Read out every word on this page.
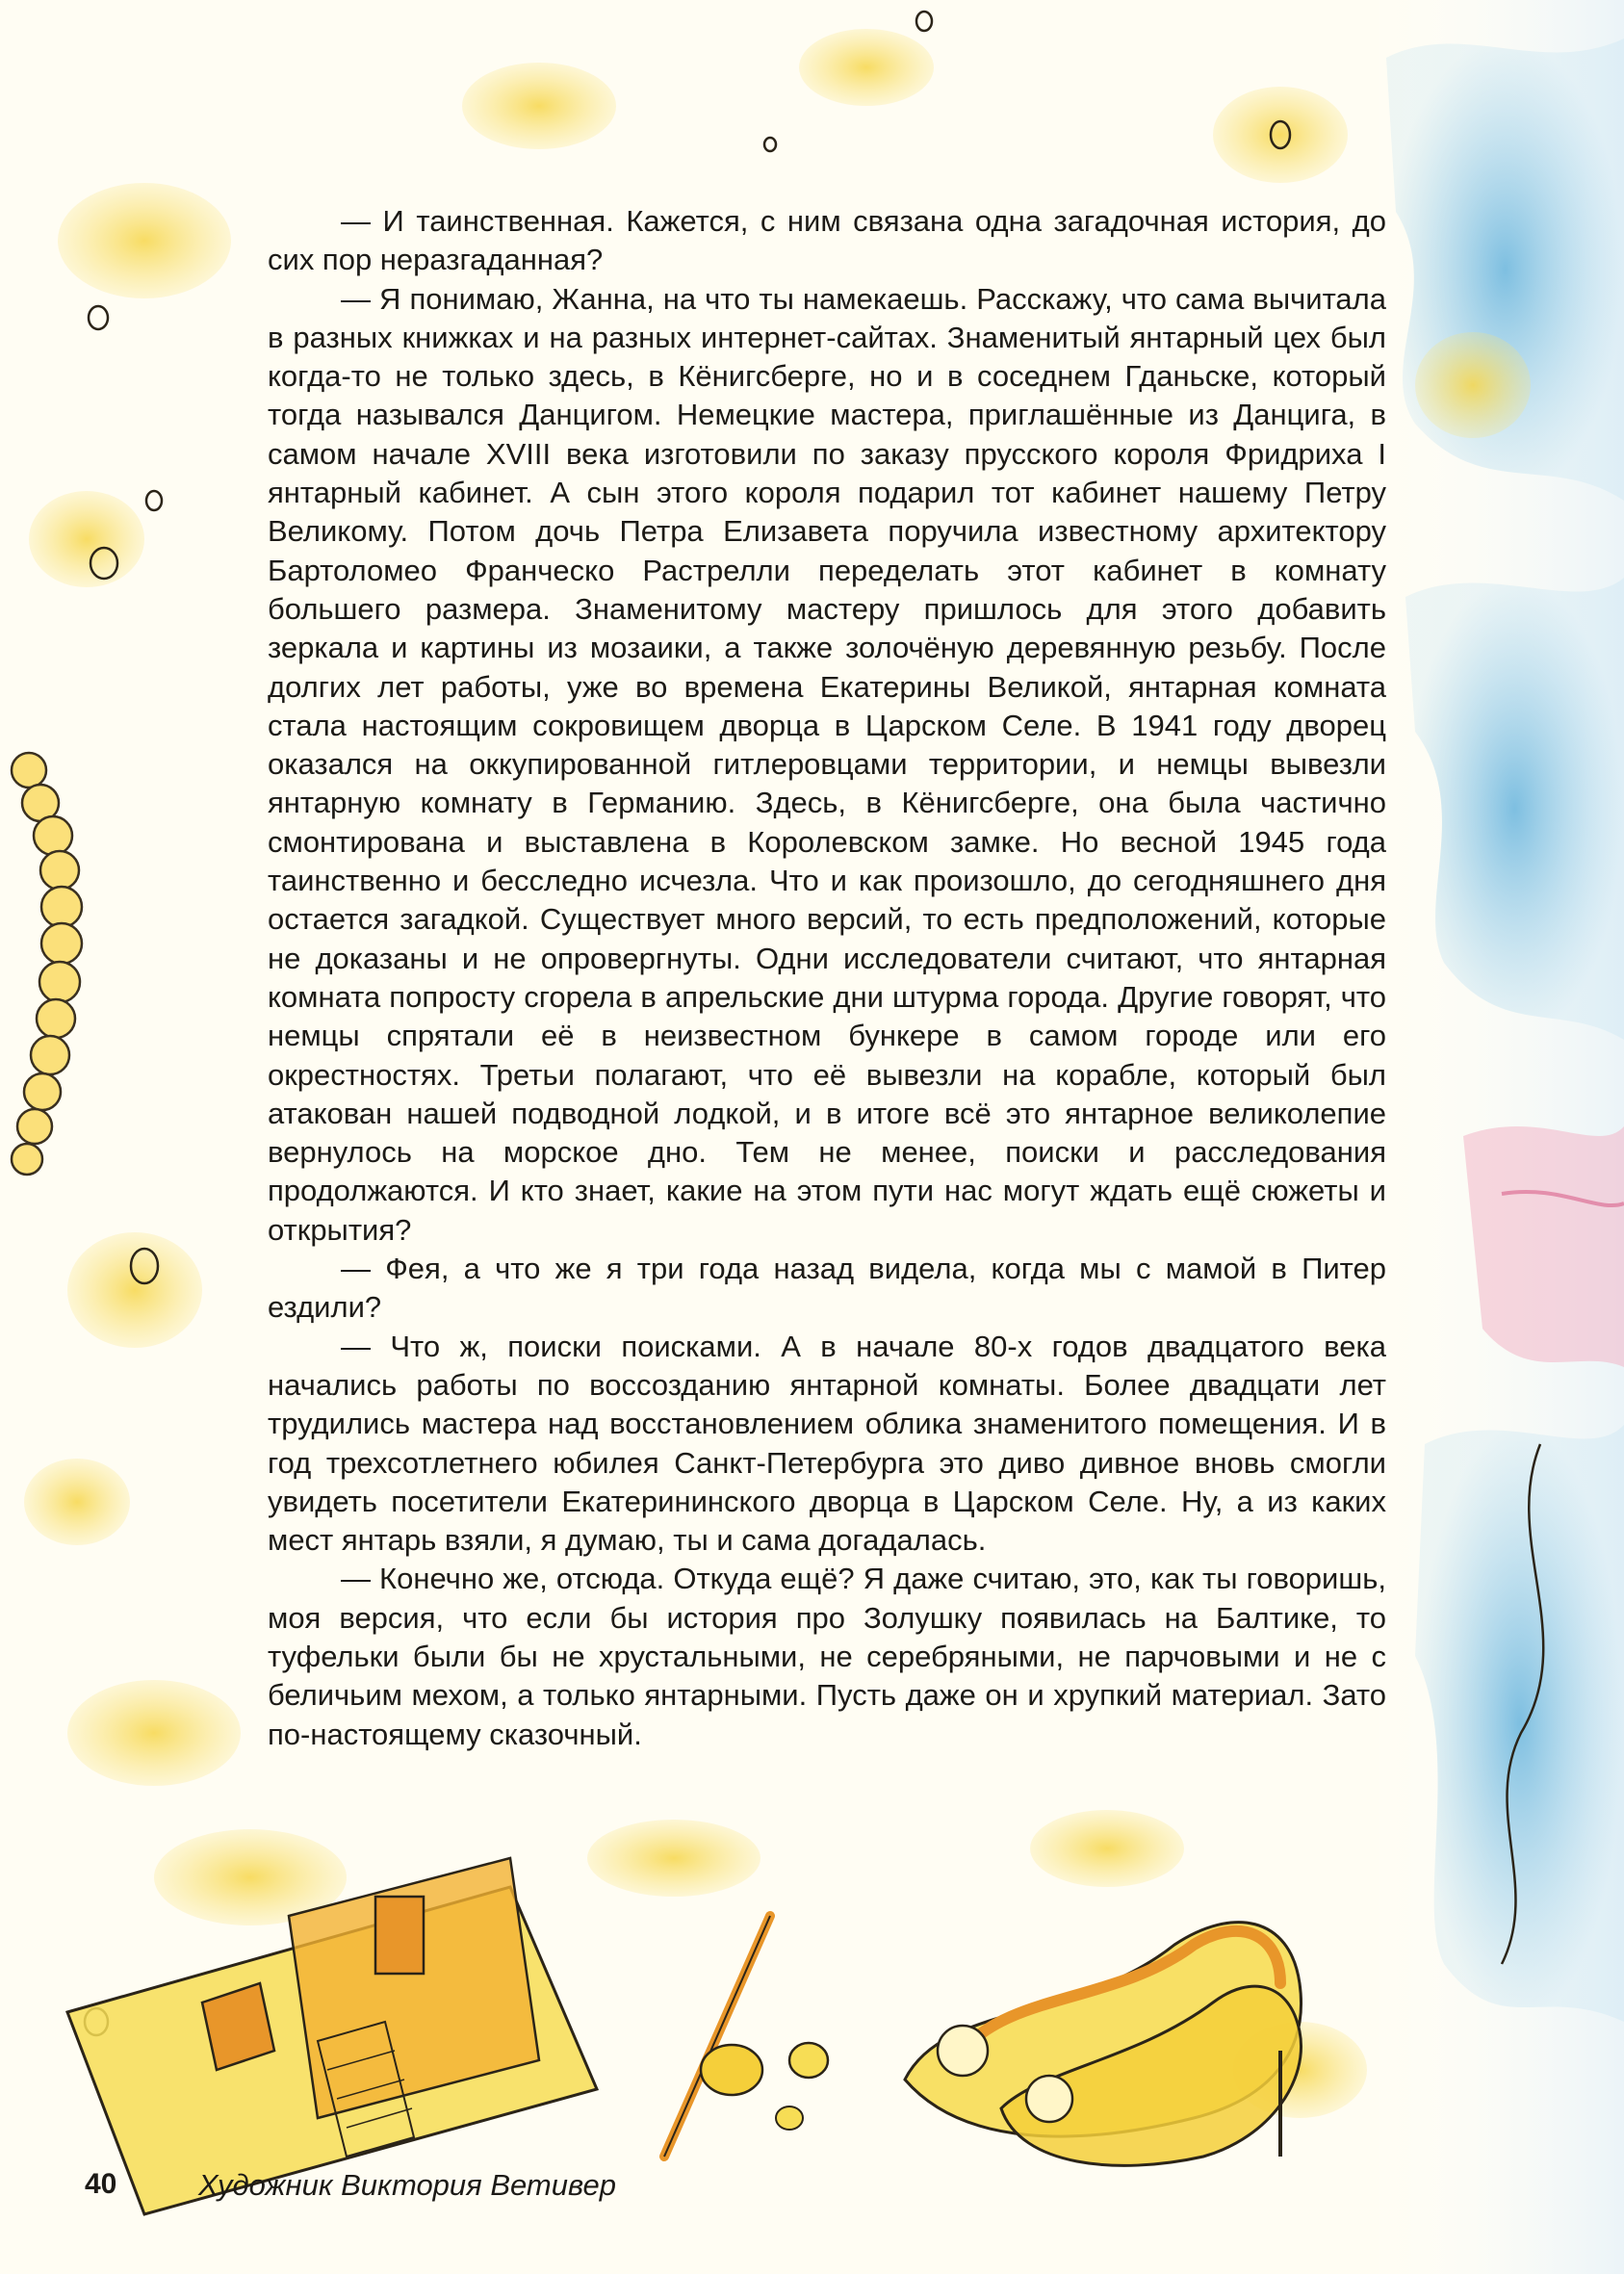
— И таинственная. Кажется, с ним связана одна загадочная история, до сих пор неразгаданная?

— Я понимаю, Жанна, на что ты намекаешь. Расскажу, что сама вычитала в разных книжках и на разных интернет-сайтах. Знаменитый янтарный цех был когда-то не только здесь, в Кёнигсберге, но и в соседнем Гданьске, который тогда назывался Данцигом. Немецкие мастера, приглашённые из Данцига, в самом начале XVIII века изготовили по заказу прусского короля Фридриха I янтарный кабинет. А сын этого короля подарил тот кабинет нашему Петру Великому. Потом дочь Петра Елизавета поручила известному архитектору Бартоломео Франческо Растрелли переделать этот кабинет в комнату большего размера. Знаменитому мастеру пришлось для этого добавить зеркала и картины из мозаики, а также золочёную деревянную резьбу. После долгих лет работы, уже во времена Екатерины Великой, янтарная комната стала настоящим сокровищем дворца в Царском Селе. В 1941 году дворец оказался на оккупированной гитлеровцами территории, и немцы вывезли янтарную комнату в Германию. Здесь, в Кёнигсберге, она была частично смонтирована и выставлена в Королевском замке. Но весной 1945 года таинственно и бесследно исчезла. Что и как произошло, до сегодняшнего дня остается загадкой. Существует много версий, то есть предположений, которые не доказаны и не опровергнуты. Одни исследователи считают, что янтарная комната попросту сгорела в апрельские дни штурма города. Другие говорят, что немцы спрятали её в неизвестном бункере в самом городе или его окрестностях. Третьи полагают, что её вывезли на корабле, который был атакован нашей подводной лодкой, и в итоге всё это янтарное великолепие вернулось на морское дно. Тем не менее, поиски и расследования продолжаются. И кто знает, какие на этом пути нас могут ждать ещё сюжеты и открытия?

— Фея, а что же я три года назад видела, когда мы с мамой в Питер ездили?

— Что ж, поиски поисками. А в начале 80-х годов двадцатого века начались работы по воссозданию янтарной комнаты. Более двадцати лет трудились мастера над восстановлением облика знаменитого помещения. И в год трехсотлетнего юбилея Санкт-Петербурга это диво дивное вновь смогли увидеть посетители Екатерининского дворца в Царском Селе. Ну, а из каких мест янтарь взяли, я думаю, ты и сама догадалась.

— Конечно же, отсюда. Откуда ещё? Я даже считаю, это, как ты говоришь, моя версия, что если бы история про Золушку появилась на Балтике, то туфельки были бы не хрустальными, не серебряными, не парчовыми и не с беличьим мехом, а только янтарными. Пусть даже он и хрупкий материал. Зато по-настоящему сказочный.

40	Художник Виктория Ветивер
